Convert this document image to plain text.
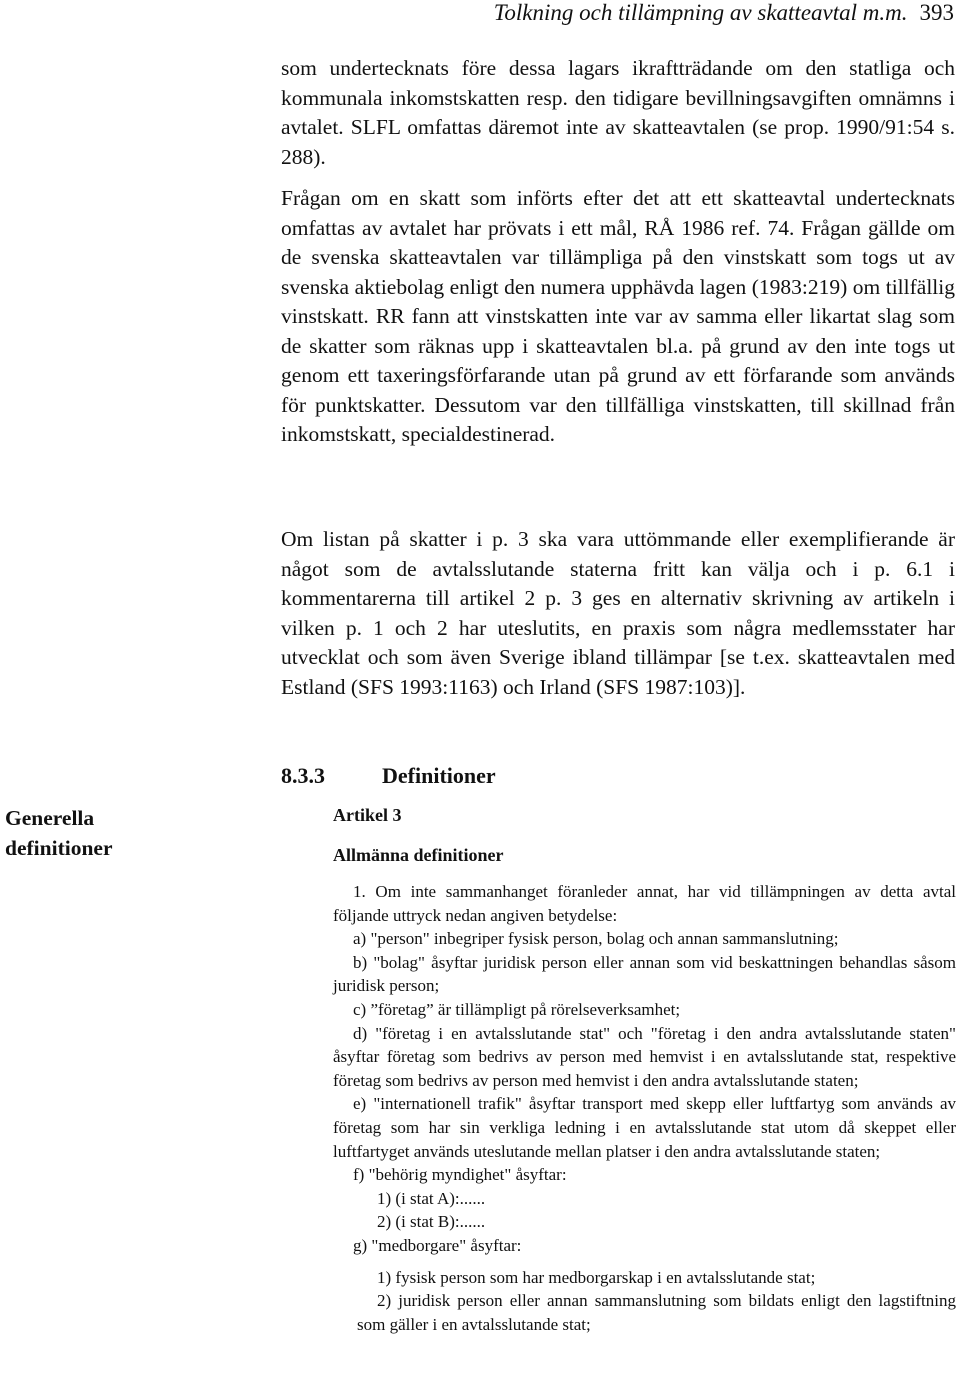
Tolkning och tillämpning av skatteavtal m.m. 393

som undertecknats före dessa lagars ikraftträdande om den statliga och kommunala inkomstskatten resp. den tidigare bevillningsavgiften omnämns i avtalet. SLFL omfattas däremot inte av skatteavtalen (se prop. 1990/91:54 s. 288).

Frågan om en skatt som införts efter det att ett skatteavtal undertecknats omfattas av avtalet har prövats i ett mål, RÅ 1986 ref. 74. Frågan gällde om de svenska skatteavtalen var tillämpliga på den vinstskatt som togs ut av svenska aktiebolag enligt den numera upphävda lagen (1983:219) om tillfällig vinstskatt. RR fann att vinstskatten inte var av samma eller likartat slag som de skatter som räknas upp i skatteavtalen bl.a. på grund av den inte togs ut genom ett taxeringsförfarande utan på grund av ett förfarande som används för punktskatter. Dessutom var den tillfälliga vinstskatten, till skillnad från inkomstskatt, specialdestinerad.

Om listan på skatter i p. 3 ska vara uttömmande eller exemplifierande är något som de avtalsslutande staterna fritt kan välja och i p. 6.1 i kommentarerna till artikel 2 p. 3 ges en alternativ skrivning av artikeln i vilken p. 1 och 2 har uteslutits, en praxis som några medlemsstater har utvecklat och som även Sverige ibland tillämpar [se t.ex. skatteavtalen med Estland (SFS 1993:1163) och Irland (SFS 1987:103)].

8.3.3	Definitioner
Generella
definitioner
Artikel 3
Allmänna definitioner

1. Om inte sammanhanget föranleder annat, har vid tillämpningen av detta avtal följande uttryck nedan angiven betydelse:

a) "person" inbegriper fysisk person, bolag och annan sammanslutning;

b) "bolag" åsyftar juridisk person eller annan som vid beskattningen behandlas såsom juridisk person;

c) ”företag” är tillämpligt på rörelseverksamhet;

d) "företag i en avtalsslutande stat" och "företag i den andra avtalsslutande staten" åsyftar företag som bedrivs av person med hemvist i en avtalsslutande stat, respektive företag som bedrivs av person med hemvist i den andra avtalsslutande staten;

e) "internationell trafik" åsyftar transport med skepp eller luftfartyg som används av företag som har sin verkliga ledning i en avtalsslutande stat utom då skeppet eller luftfartyget används uteslutande mellan platser i den andra avtalsslutande staten;

f) "behörig myndighet" åsyftar:

1) (i stat A):......

2) (i stat B):......

g) "medborgare" åsyftar:

1) fysisk person som har medborgarskap i en avtalsslutande stat;

2) juridisk person eller annan sammanslutning som bildats enligt den lagstiftning som gäller i en avtalsslutande stat;
